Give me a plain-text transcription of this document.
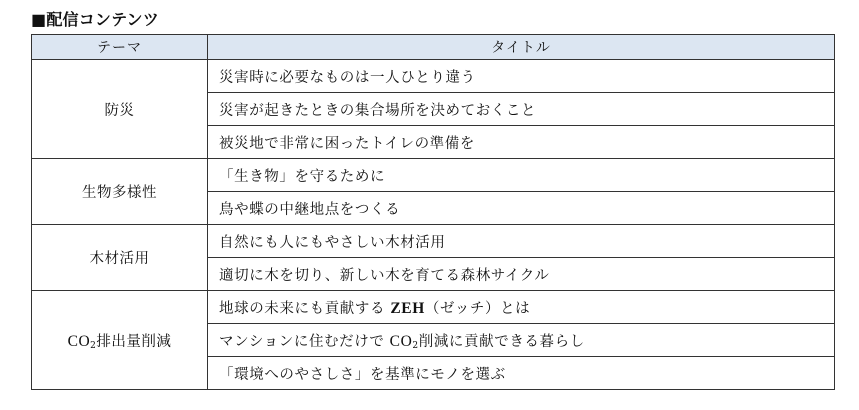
■配信コンテンツ
テーマ	タイトル
防災	災害時に必要なものは一人ひとり違う
	災害が起きたときの集合場所を決めておくこと
	被災地で非常に困ったトイレの準備を
生物多様性	「生き物」を守るために
	鳥や蝶の中継地点をつくる
木材活用	自然にも人にもやさしい木材活用
	適切に木を切り、新しい木を育てる森林サイクル
$CO_2$排出量削減	地球の未来にも貢献する ZEH（ゼッチ）とは
	マンションに住むだけで $CO_2$削減に貢献できる暮らし
	「環境へのやさしさ」を基準にモノを選ぶ
